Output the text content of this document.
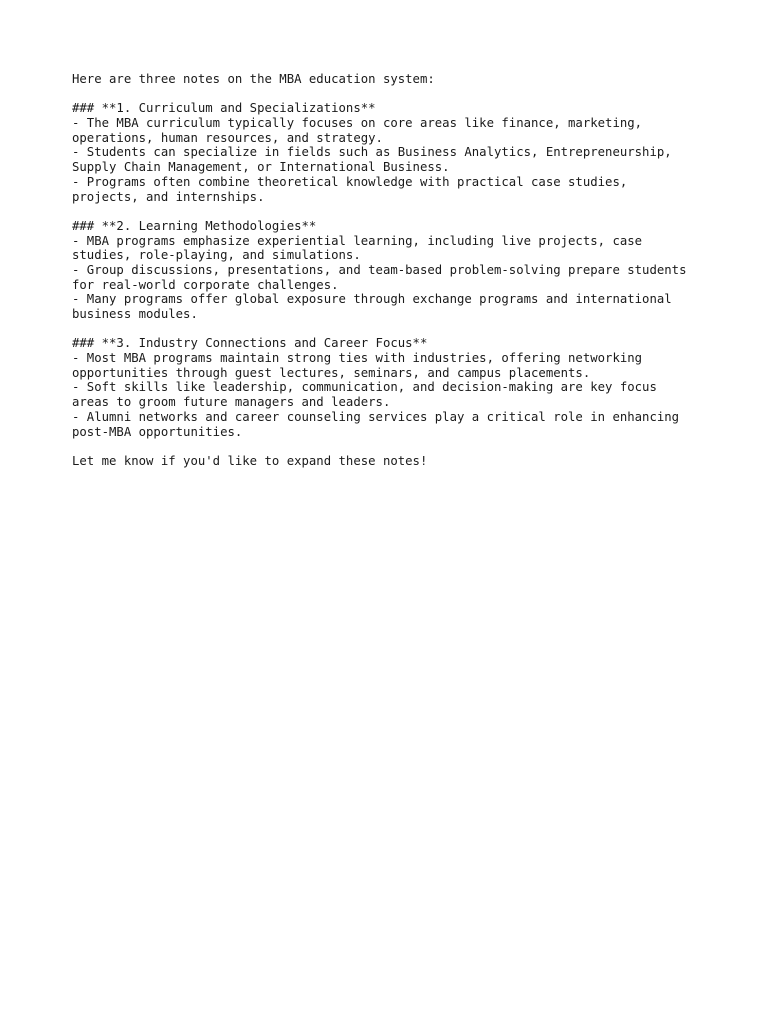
Here are three notes on the MBA education system:
### **1. Curriculum and Specializations**
- The MBA curriculum typically focuses on core areas like finance, marketing,
operations, human resources, and strategy.
- Students can specialize in fields such as Business Analytics, Entrepreneurship,
Supply Chain Management, or International Business.
- Programs often combine theoretical knowledge with practical case studies,
projects, and internships.
### **2. Learning Methodologies**
- MBA programs emphasize experiential learning, including live projects, case
studies, role-playing, and simulations.
- Group discussions, presentations, and team-based problem-solving prepare students
for real-world corporate challenges.
- Many programs offer global exposure through exchange programs and international
business modules.
### **3. Industry Connections and Career Focus**
- Most MBA programs maintain strong ties with industries, offering networking
opportunities through guest lectures, seminars, and campus placements.
- Soft skills like leadership, communication, and decision-making are key focus
areas to groom future managers and leaders.
- Alumni networks and career counseling services play a critical role in enhancing
post-MBA opportunities.
Let me know if you'd like to expand these notes!
